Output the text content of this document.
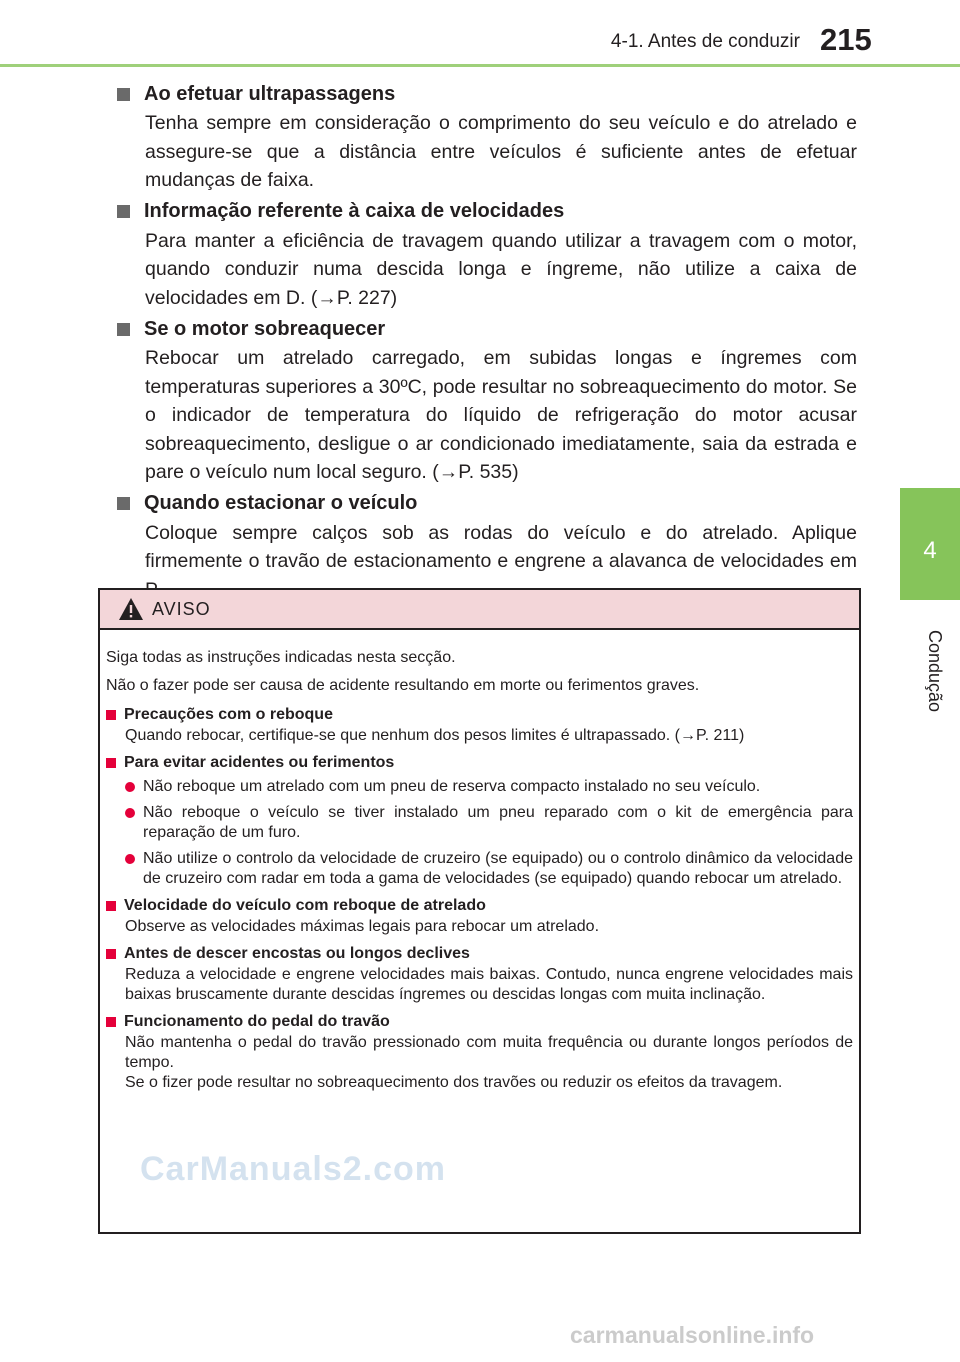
4-1. Antes de conduzir 215
4
Condução
Ao efetuar ultrapassagens
Tenha sempre em consideração o comprimento do seu veículo e do atrelado e assegure-se que a distância entre veículos é suficiente antes de efetuar mudanças de faixa.
Informação referente à caixa de velocidades
Para manter a eficiência de travagem quando utilizar a travagem com o motor, quando conduzir numa descida longa e íngreme, não utilize a caixa de velocidades em D. (→P. 227)
Se o motor sobreaquecer
Rebocar um atrelado carregado, em subidas longas e íngremes com temperaturas superiores a 30ºC, pode resultar no sobreaquecimento do motor. Se o indicador de temperatura do líquido de refrigeração do motor acusar sobreaquecimento, desligue o ar condicionado imediatamente, saia da estrada e pare o veículo num local seguro. (→P. 535)
Quando estacionar o veículo
Coloque sempre calços sob as rodas do veículo e do atrelado. Aplique firmemente o travão de estacionamento e engrene a alavanca de velocidades em
AVISO
Siga todas as instruções indicadas nesta secção.
Não o fazer pode ser causa de acidente resultando em morte ou ferimentos graves.
Precauções com o reboque
Quando rebocar, certifique-se que nenhum dos pesos limites é ultrapassado. (→P. 211)
Para evitar acidentes ou ferimentos
Não reboque um atrelado com um pneu de reserva compacto instalado no seu veículo.
Não reboque o veículo se tiver instalado um pneu reparado com o kit de emergência para reparação de um furo.
Não utilize o controlo da velocidade de cruzeiro (se equipado) ou o controlo dinâmico da velocidade de cruzeiro com radar em toda a gama de velocidades (se equipado) quando rebocar um atrelado.
Velocidade do veículo com reboque de atrelado
Observe as velocidades máximas legais para rebocar um atrelado.
Antes de descer encostas ou longos declives
Reduza a velocidade e engrene velocidades mais baixas. Contudo, nunca engrene velocidades mais baixas bruscamente durante descidas íngremes ou descidas longas com muita inclinação.
Funcionamento do pedal do travão
Não mantenha o pedal do travão pressionado com muita frequência ou durante longos períodos de tempo.
Se o fizer pode resultar no sobreaquecimento dos travões ou reduzir os efeitos da travagem.
CarManuals2.com
carmanualsonline.info
